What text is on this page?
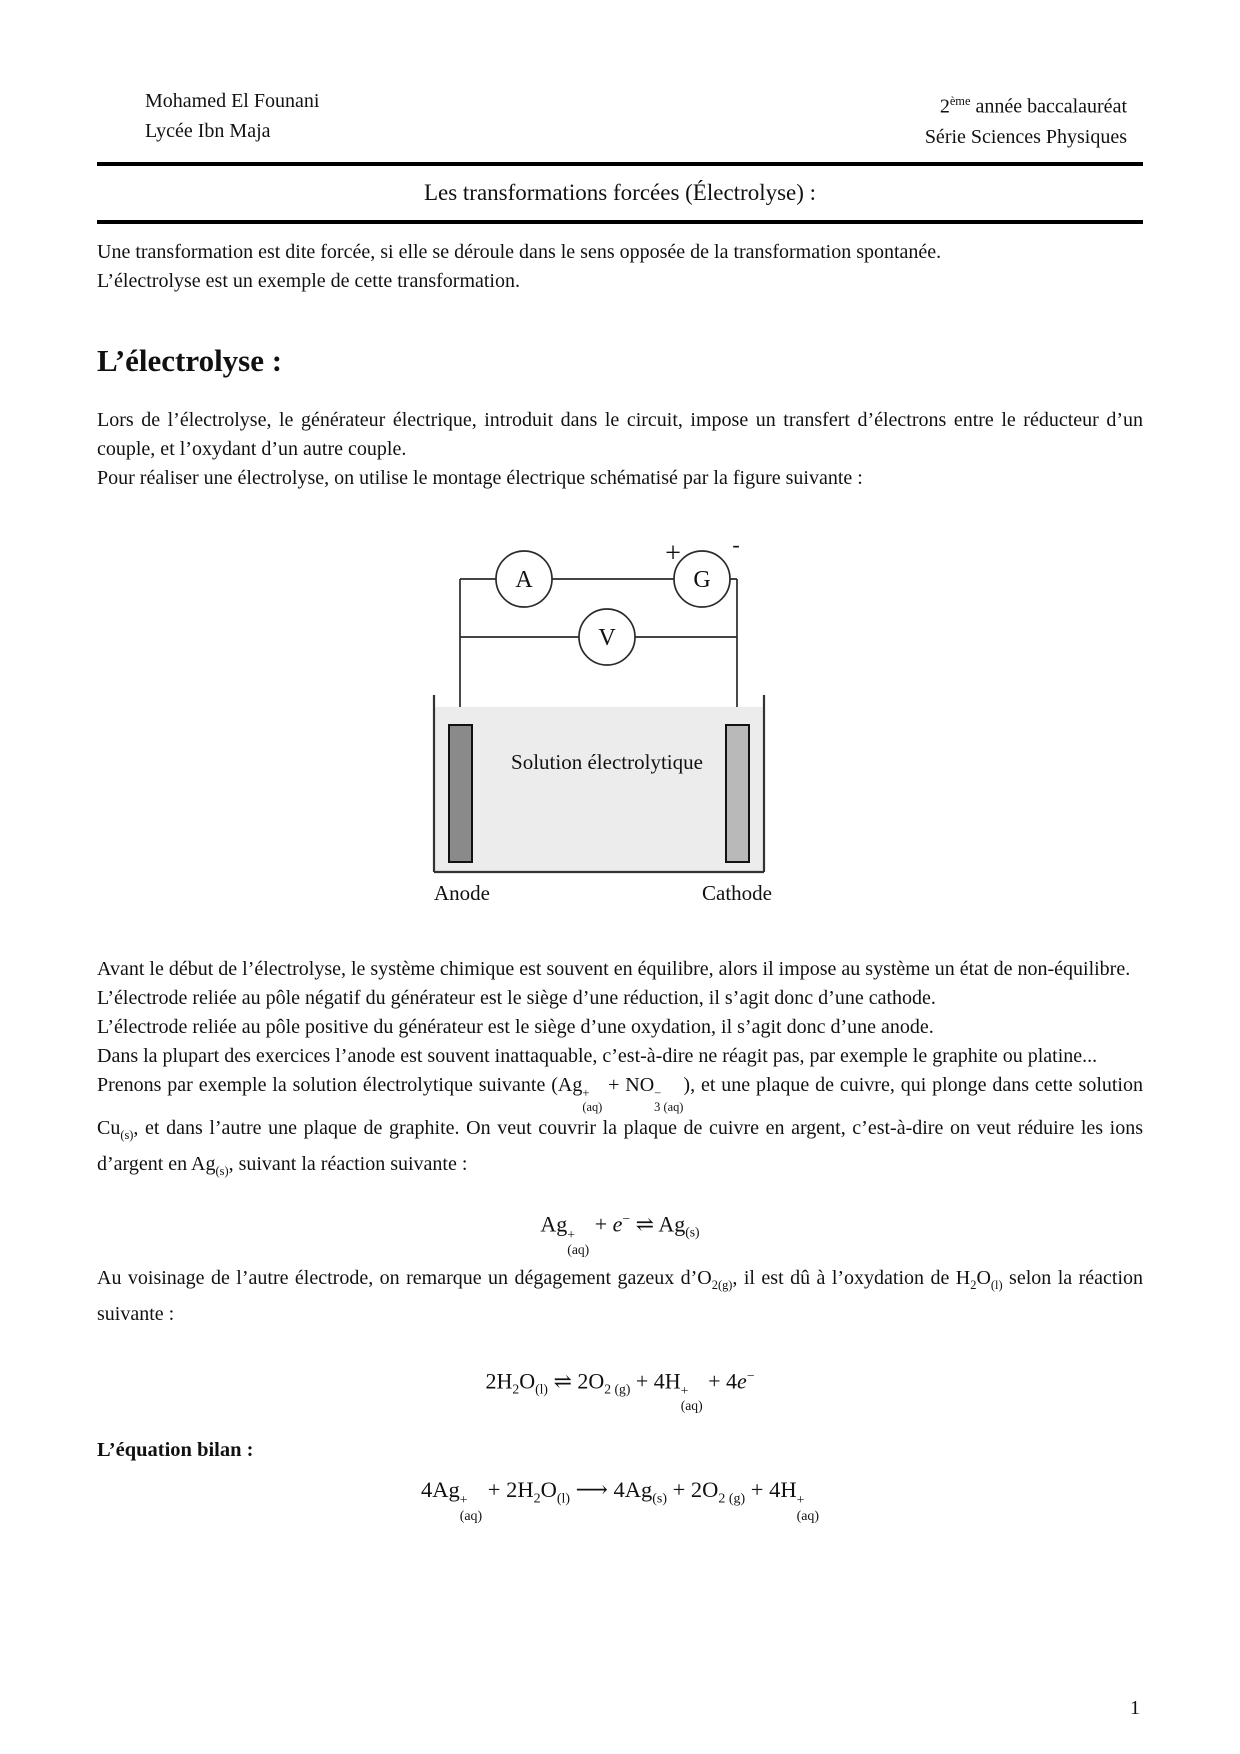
Mohamed El Founani
Lycée Ibn Maja
2ème année baccalauréat
Série Sciences Physiques
Les transformations forcées (Électrolyse) :
Une transformation est dite forcée, si elle se déroule dans le sens opposée de la transformation spontanée.
L’électrolyse est un exemple de cette transformation.
L’électrolyse :
Lors de l’électrolyse, le générateur électrique, introduit dans le circuit, impose un transfert d’électrons entre le réducteur d’un couple, et l’oxydant d’un autre couple.
Pour réaliser une électrolyse, on utilise le montage électrique schématisé par la figure suivante :
A	G
+ -
V
Solution électrolytique
Anode	Cathode
Avant le début de l’électrolyse, le système chimique est souvent en équilibre, alors il impose au système un état de non-équilibre.
L’électrode reliée au pôle négatif du générateur est le siège d’une réduction, il s’agit donc d’une cathode.
L’électrode reliée au pôle positive du générateur est le siège d’une oxydation, il s’agit donc d’une anode.
Dans la plupart des exercices l’anode est souvent inattaquable, c’est-à-dire ne réagit pas, par exemple le graphite ou platine...
Prenons par exemple la solution électrolytique suivante (Ag +
(aq)
+ NO −
3 (aq)
), et une plaque de cuivre, qui plonge dans cette solution $Cu_{(s)}$, et dans l’autre une plaque de graphite. On veut couvrir la plaque de cuivre en argent, c’est-à-dire on veut réduire les ions d’argent en $Ag_{(s)}$, suivant la réaction suivante :
Ag +
(aq)
+ e− ⇌ $Ag_{(s)}$
Au voisinage de l’autre électrode, on remarque un dégagement gazeux $d’O_{2(g)}$, il est dû à l’oxydation de $H_2O_{(l)}$ selon la réaction suivante :
$2H_2O_{(l)}$ ⇌ $2O_{2 (g)} + 4H$ +
(aq)
+ 4e−
L’équation bilan :
4Ag +
(aq)
+ $2H_2O_{(l)}$ ⟶ $4Ag_{(s)} + 2O_{2 (g)} + 4H$ +
(aq)
1
